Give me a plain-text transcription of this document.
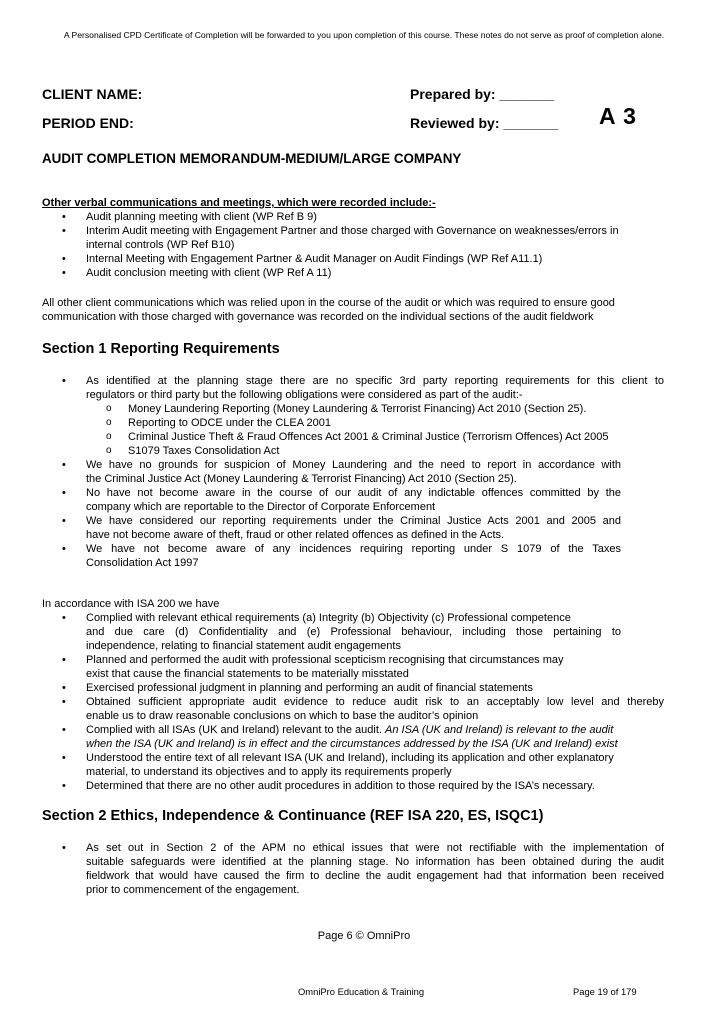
A Personalised CPD Certificate of Completion will be forwarded to you upon completion of this course. These notes do not serve as proof of completion alone.
CLIENT NAME:	Prepared by: _______
PERIOD END:	Reviewed by: _______ A 3
AUDIT COMPLETION MEMORANDUM-MEDIUM/LARGE COMPANY
Other verbal communications and meetings, which were recorded include:-
• Audit planning meeting with client (WP Ref B 9)
• Interim Audit meeting with Engagement Partner and those charged with Governance on weaknesses/errors in
internal controls (WP Ref B10)
• Internal Meeting with Engagement Partner & Audit Manager on Audit Findings (WP Ref A11.1)
• Audit conclusion meeting with client (WP Ref A 11)
All other client communications which was relied upon in the course of the audit or which was required to ensure good
communication with those charged with governance was recorded on the individual sections of the audit fieldwork
Section 1 Reporting Requirements
• As identified at the planning stage there are no specific 3rd party reporting requirements for this client to
regulators or third party but the following obligations were considered as part of the audit:-
o Money Laundering Reporting (Money Laundering & Terrorist Financing) Act 2010 (Section 25).
o Reporting to ODCE under the CLEA 2001
o Criminal Justice Theft & Fraud Offences Act 2001 & Criminal Justice (Terrorism Offences) Act 2005
o S1079 Taxes Consolidation Act
• We have no grounds for suspicion of Money Laundering and the need to report in accordance with
the Criminal Justice Act (Money Laundering & Terrorist Financing) Act 2010 (Section 25).
• No have not become aware in the course of our audit of any indictable offences committed by the
company which are reportable to the Director of Corporate Enforcement
• We have considered our reporting requirements under the Criminal Justice Acts 2001 and 2005 and
have not become aware of theft, fraud or other related offences as defined in the Acts.
• We have not become aware of any incidences requiring reporting under S 1079 of the Taxes
Consolidation Act 1997
In accordance with ISA 200 we have
• Complied with relevant ethical requirements (a) Integrity (b) Objectivity (c) Professional competence
and due care (d) Confidentiality and (e) Professional behaviour, including those pertaining to
independence, relating to financial statement audit engagements
• Planned and performed the audit with professional scepticism recognising that circumstances may
exist that cause the financial statements to be materially misstated
• Exercised professional judgment in planning and performing an audit of financial statements
• Obtained sufficient appropriate audit evidence to reduce audit risk to an acceptably low level and thereby
enable us to draw reasonable conclusions on which to base the auditor’s opinion
• Complied with all ISAs (UK and Ireland) relevant to the audit. An ISA (UK and Ireland) is relevant to the audit
when the ISA (UK and Ireland) is in effect and the circumstances addressed by the ISA (UK and Ireland) exist
• Understood the entire text of all relevant ISA (UK and Ireland), including its application and other explanatory
material, to understand its objectives and to apply its requirements properly
• Determined that there are no other audit procedures in addition to those required by the ISA’s necessary.
Section 2 Ethics, Independence & Continuance (REF ISA 220, ES, ISQC1)
• As set out in Section 2 of the APM no ethical issues that were not rectifiable with the implementation of
suitable safeguards were identified at the planning stage. No information has been obtained during the audit
fieldwork that would have caused the firm to decline the audit engagement had that information been received
prior to commencement of the engagement.
Page 6 © OmniPro
OmniPro Education & Training	Page 19 of 179
